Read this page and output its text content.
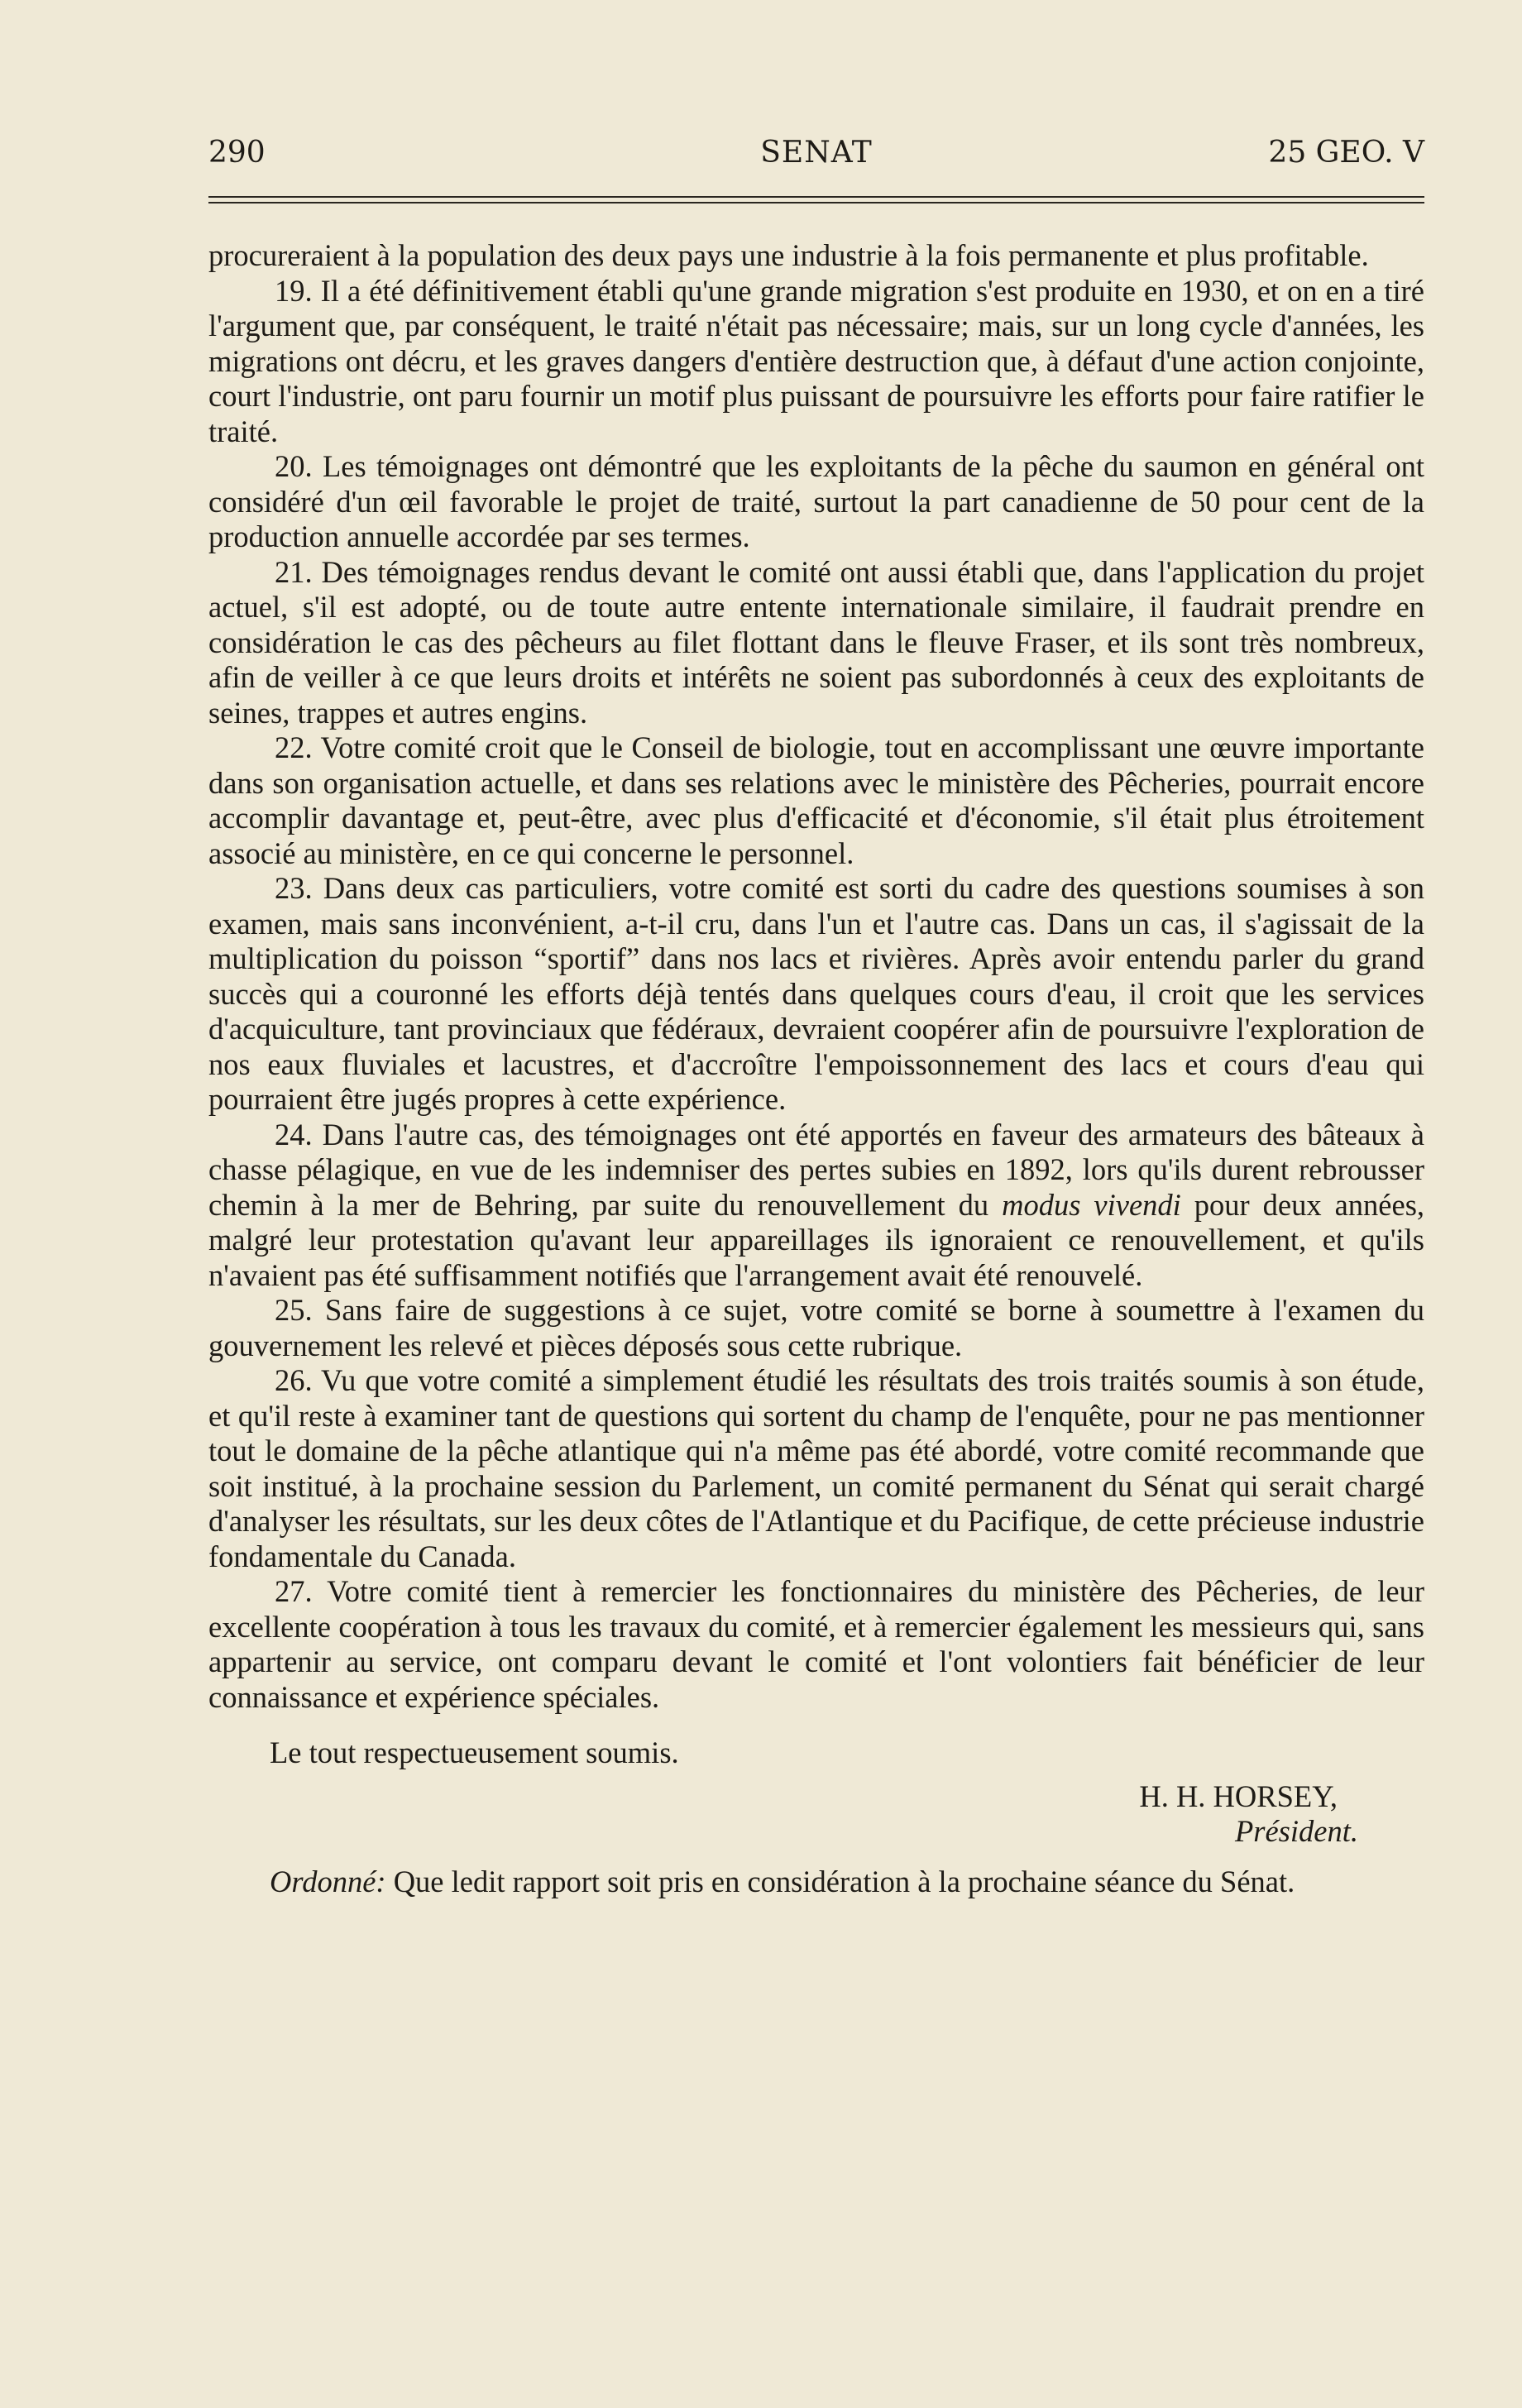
290	SENAT	25 GEO. V

procureraient à la population des deux pays une industrie à la fois permanente et plus profitable.

19. Il a été définitivement établi qu'une grande migration s'est produite en 1930, et on en a tiré l'argument que, par conséquent, le traité n'était pas nécessaire; mais, sur un long cycle d'années, les migrations ont décru, et les graves dangers d'entière destruction que, à défaut d'une action conjointe, court l'industrie, ont paru fournir un motif plus puissant de poursuivre les efforts pour faire ratifier le traité.

20. Les témoignages ont démontré que les exploitants de la pêche du saumon en général ont considéré d'un œil favorable le projet de traité, surtout la part canadienne de 50 pour cent de la production annuelle accordée par ses termes.

21. Des témoignages rendus devant le comité ont aussi établi que, dans l'application du projet actuel, s'il est adopté, ou de toute autre entente internationale similaire, il faudrait prendre en considération le cas des pêcheurs au filet flottant dans le fleuve Fraser, et ils sont très nombreux, afin de veiller à ce que leurs droits et intérêts ne soient pas subordonnés à ceux des exploitants de seines, trappes et autres engins.

22. Votre comité croit que le Conseil de biologie, tout en accomplissant une œuvre importante dans son organisation actuelle, et dans ses relations avec le ministère des Pêcheries, pourrait encore accomplir davantage et, peut-être, avec plus d'efficacité et d'économie, s'il était plus étroitement associé au ministère, en ce qui concerne le personnel.

23. Dans deux cas particuliers, votre comité est sorti du cadre des questions soumises à son examen, mais sans inconvénient, a-t-il cru, dans l'un et l'autre cas. Dans un cas, il s'agissait de la multiplication du poisson “sportif” dans nos lacs et rivières. Après avoir entendu parler du grand succès qui a couronné les efforts déjà tentés dans quelques cours d'eau, il croit que les services d'acquiculture, tant provinciaux que fédéraux, devraient coopérer afin de poursuivre l'exploration de nos eaux fluviales et lacustres, et d'accroître l'empoissonnement des lacs et cours d'eau qui pourraient être jugés propres à cette expérience.

24. Dans l'autre cas, des témoignages ont été apportés en faveur des armateurs des bâteaux à chasse pélagique, en vue de les indemniser des pertes subies en 1892, lors qu'ils durent rebrousser chemin à la mer de Behring, par suite du renouvellement du modus vivendi pour deux années, malgré leur protestation qu'avant leur appareillages ils ignoraient ce renouvellement, et qu'ils n'avaient pas été suffisamment notifiés que l'arrangement avait été renouvelé.

25. Sans faire de suggestions à ce sujet, votre comité se borne à soumettre à l'examen du gouvernement les relevé et pièces déposés sous cette rubrique.

26. Vu que votre comité a simplement étudié les résultats des trois traités soumis à son étude, et qu'il reste à examiner tant de questions qui sortent du champ de l'enquête, pour ne pas mentionner tout le domaine de la pêche atlantique qui n'a même pas été abordé, votre comité recommande que soit institué, à la prochaine session du Parlement, un comité permanent du Sénat qui serait chargé d'analyser les résultats, sur les deux côtes de l'Atlantique et du Pacifique, de cette précieuse industrie fondamentale du Canada.

27. Votre comité tient à remercier les fonctionnaires du ministère des Pêcheries, de leur excellente coopération à tous les travaux du comité, et à remercier également les messieurs qui, sans appartenir au service, ont comparu devant le comité et l'ont volontiers fait bénéficier de leur connaissance et expérience spéciales.

Le tout respectueusement soumis.

H. H. HORSEY,

Président.

Ordonné: Que ledit rapport soit pris en considération à la prochaine séance du Sénat.
